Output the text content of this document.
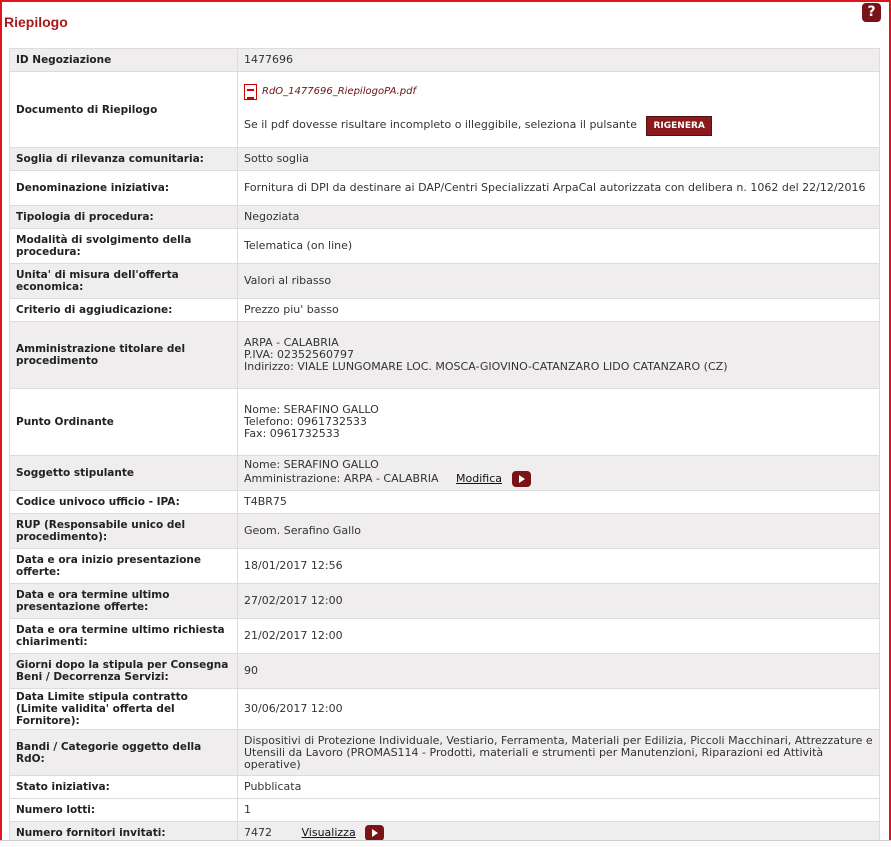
Riepilogo
?
ID Negoziazione	1477696
Documento di Riepilogo	RdO_1477696_RiepilogoPA.pdf
Se il pdf dovesse risultare incompleto o illeggibile, seleziona il pulsante RIGENERA
Soglia di rilevanza comunitaria:	Sotto soglia
Denominazione iniziativa:	Fornitura di DPI da destinare ai DAP/Centri Specializzati ArpaCal autorizzata con delibera n. 1062 del 22/12/2016
Tipologia di procedura:	Negoziata
Modalità di svolgimento della procedura:	Telematica (on line)
Unita' di misura dell'offerta economica:	Valori al ribasso
Criterio di aggiudicazione:	Prezzo piu' basso
Amministrazione titolare del procedimento	ARPA - CALABRIA
P.IVA: 02352560797
Indirizzo: VIALE LUNGOMARE LOC. MOSCA-GIOVINO-CATANZARO LIDO CATANZARO (CZ)

Punto Ordinante	Nome: SERAFINO GALLO
Telefono: 0961732533
Fax: 0961732533

Soggetto stipulante	Nome: SERAFINO GALLO
Amministrazione: ARPA - CALABRIA Modifica

Codice univoco ufficio - IPA:	T4BR75
RUP (Responsabile unico del procedimento):	Geom. Serafino Gallo
Data e ora inizio presentazione offerte:	18/01/2017 12:56
Data e ora termine ultimo presentazione offerte:	27/02/2017 12:00
Data e ora termine ultimo richiesta chiarimenti:	21/02/2017 12:00
Giorni dopo la stipula per Consegna Beni / Decorrenza Servizi:	90
Data Limite stipula contratto (Limite validita' offerta del Fornitore):	30/06/2017 12:00
Bandi / Categorie oggetto della RdO:	Dispositivi di Protezione Individuale, Vestiario, Ferramenta, Materiali per Edilizia, Piccoli Macchinari, Attrezzature e Utensili da Lavoro (PROMAS114 - Prodotti, materiali e strumenti per Manutenzioni, Riparazioni ed Attività operative)
Stato iniziativa:	Pubblicata
Numero lotti:	1
Numero fornitori invitati:	7472 Visualizza
